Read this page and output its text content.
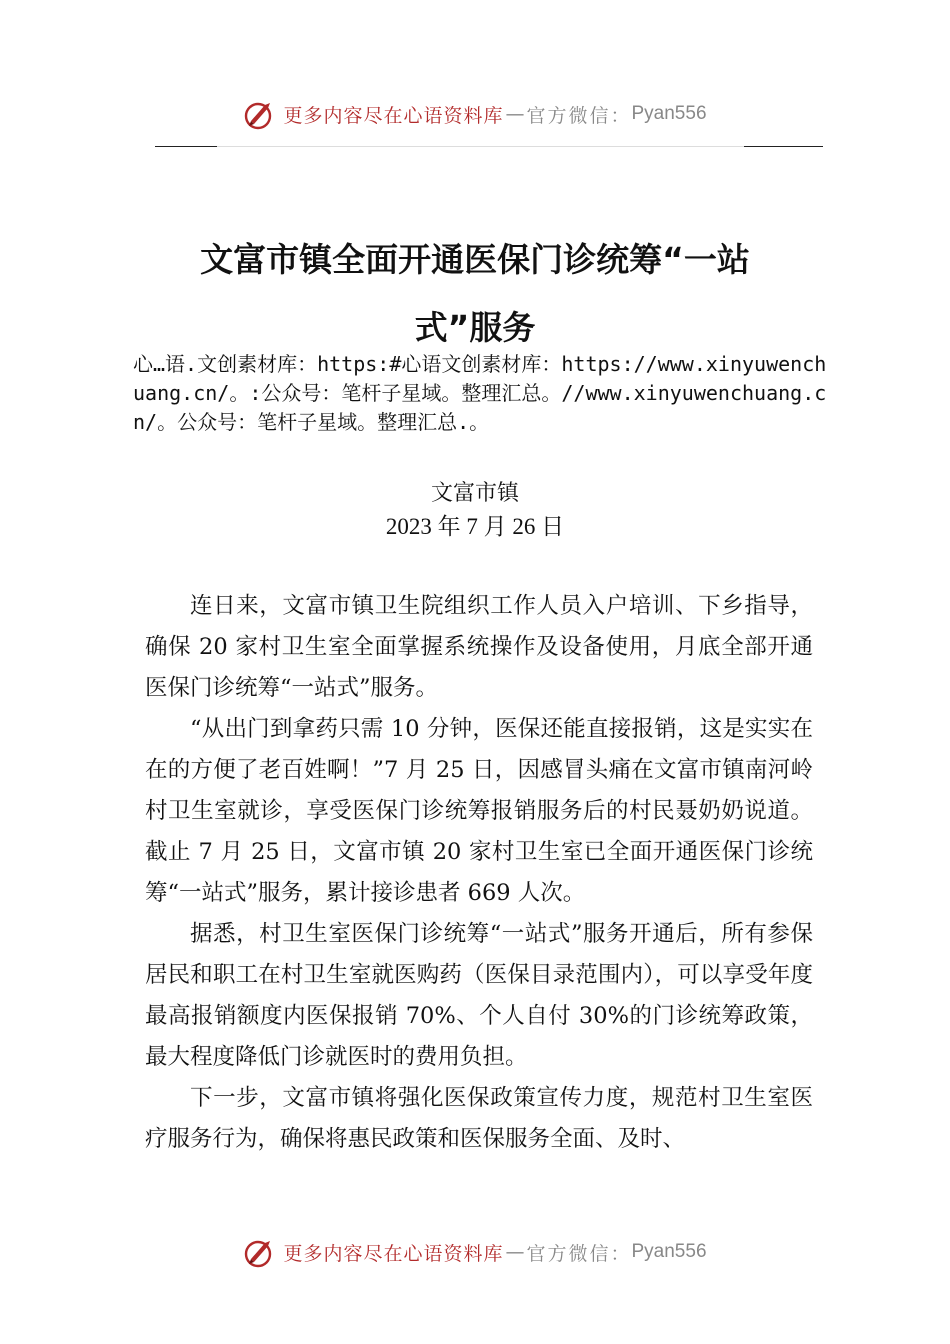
更多内容尽在心语资料库 — 官方微信： Pyan556
文富市镇全面开通医保门诊统筹“一站
式”服务
心…语.文创素材库：https:#心语文创素材库：https://www.xinyuwenchuang.cn/。:公众号：笔杆子星域。整理汇总。//www.xinyuwenchuang.cn/。公众号：笔杆子星域。整理汇总.。
文富市镇
2023 年 7 月 26 日

连日来，文富市镇卫生院组织工作人员入户培训、下乡指导，确保 20 家村卫生室全面掌握系统操作及设备使用，月底全部开通医保门诊统筹“一站式”服务。

“从出门到拿药只需 10 分钟，医保还能直接报销，这是实实在在的方便了老百姓啊！”7 月 25 日，因感冒头痛在文富市镇南河岭村卫生室就诊，享受医保门诊统筹报销服务后的村民聂奶奶说道。截止 7 月 25 日，文富市镇 20 家村卫生室已全面开通医保门诊统筹“一站式”服务，累计接诊患者 669 人次。

据悉，村卫生室医保门诊统筹“一站式”服务开通后，所有参保居民和职工在村卫生室就医购药（医保目录范围内），可以享受年度最高报销额度内医保报销 70%、个人自付 30%的门诊统筹政策，最大程度降低门诊就医时的费用负担。

下一步，文富市镇将强化医保政策宣传力度，规范村卫生室医疗服务行为，确保将惠民政策和医保服务全面、及时、

更多内容尽在心语资料库 — 官方微信： Pyan556
